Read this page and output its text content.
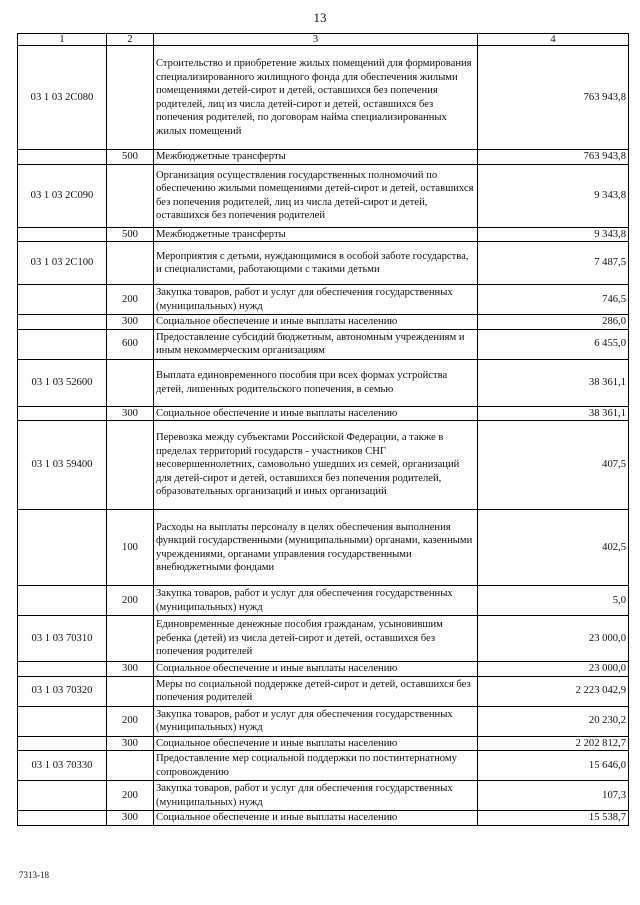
13
1	2	3	4
03 1 03 2C080		Строительство и приобретение жилых помещений для формирования специализированного жилищного фонда для обеспечения жилыми помещениями детей-сирот и детей, оставшихся без попечения родителей, лиц из числа детей-сирот и детей, оставшихся без попечения родителей, по договорам найма специализированных жилых помещений	763 943,8
	500	Межбюджетные трансферты	763 943,8
03 1 03 2C090		Организация осуществления государственных полномочий по обеспечению жилыми помещениями детей-сирот и детей, оставшихся без попечения родителей, лиц из числа детей-сирот и детей, оставшихся без попечения родителей	9 343,8
	500	Межбюджетные трансферты	9 343,8
03 1 03 2C100		Мероприятия с детьми, нуждающимися в особой заботе государства, и специалистами, работающими с такими детьми	7 487,5
	200	Закупка товаров, работ и услуг для обеспечения государственных (муниципальных) нужд	746,5
	300	Социальное обеспечение и иные выплаты населению	286,0
	600	Предоставление субсидий бюджетным, автономным учреждениям и иным некоммерческим организациям	6 455,0
03 1 03 52600		Выплата единовременного пособия при всех формах устройства детей, лишенных родительского попечения, в семью	38 361,1
	300	Социальное обеспечение и иные выплаты населению	38 361,1
03 1 03 59400		Перевозка между субъектами Российской Федерации, а также в пределах территорий государств - участников СНГ несовершеннолетних, самовольно ушедших из семей, организаций для детей-сирот и детей, оставшихся без попечения родителей, образовательных организаций и иных организаций	407,5
	100	Расходы на выплаты персоналу в целях обеспечения выполнения функций государственными (муниципальными) органами, казенными учреждениями, органами управления государственными внебюджетными фондами	402,5
	200	Закупка товаров, работ и услуг для обеспечения государственных (муниципальных) нужд	5,0
03 1 03 70310		Единовременные денежные пособия гражданам, усыновившим ребенка (детей) из числа детей-сирот и детей, оставшихся без попечения родителей	23 000,0
	300	Социальное обеспечение и иные выплаты населению	23 000,0
03 1 03 70320		Меры по социальной поддержке детей-сирот и детей, оставшихся без попечения родителей	2 223 042,9
	200	Закупка товаров, работ и услуг для обеспечения государственных (муниципальных) нужд	20 230,2
	300	Социальное обеспечение и иные выплаты населению	2 202 812,7
03 1 03 70330		Предоставление мер социальной поддержки по постинтернатному сопровождению	15 646,0
	200	Закупка товаров, работ и услуг для обеспечения государственных (муниципальных) нужд	107,3
	300	Социальное обеспечение и иные выплаты населению	15 538,7
7313-18
